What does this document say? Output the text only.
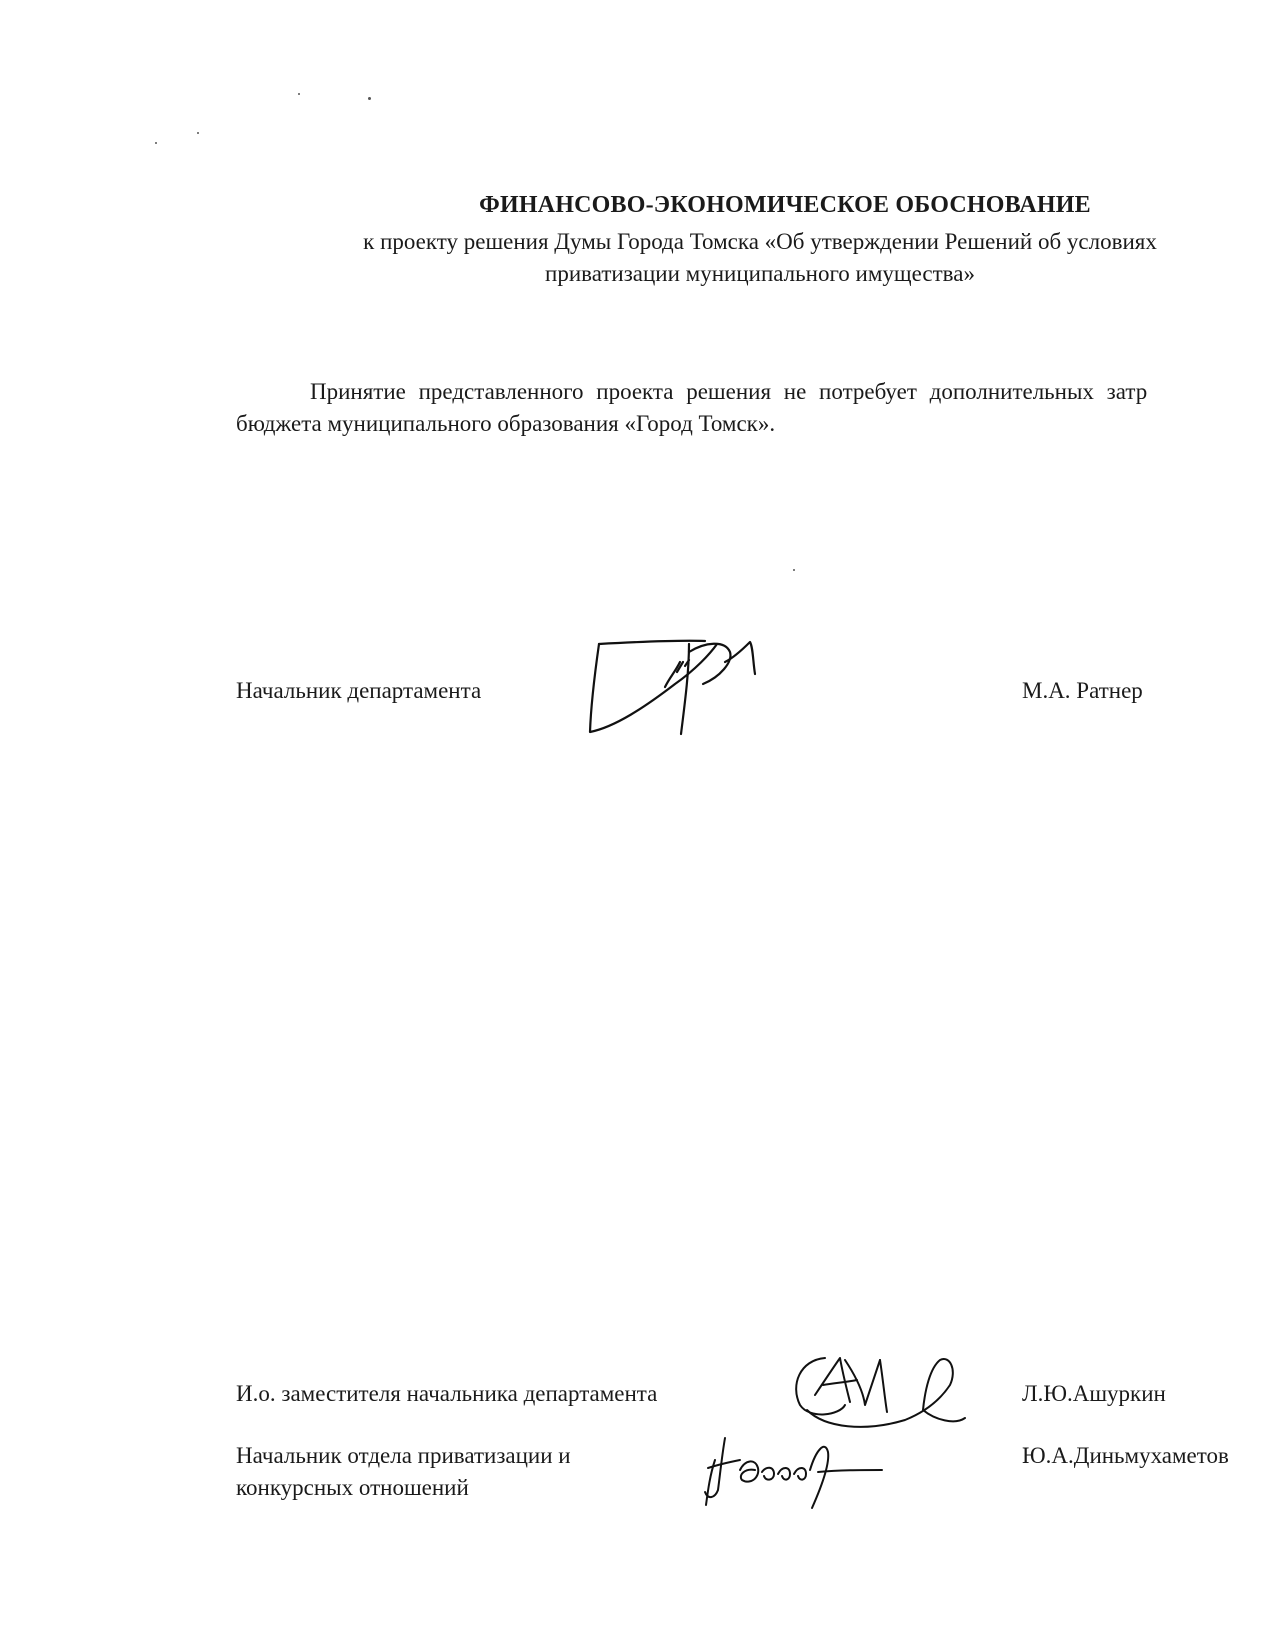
ФИНАНСОВО-ЭКОНОМИЧЕСКОЕ ОБОСНОВАНИЕ
к проекту решения Думы Города Томска «Об утверждении Решений об условиях
приватизации муниципального имущества»
Принятие представленного проекта решения не потребует дополнительных затр
бюджета муниципального образования «Город Томск».
Начальник департамента	М.А. Ратнер
И.о. заместителя начальника департамента	Л.Ю.Ашуркин
Начальник отдела приватизации и
конкурсных отношений
Ю.А.Диньмухаметов
